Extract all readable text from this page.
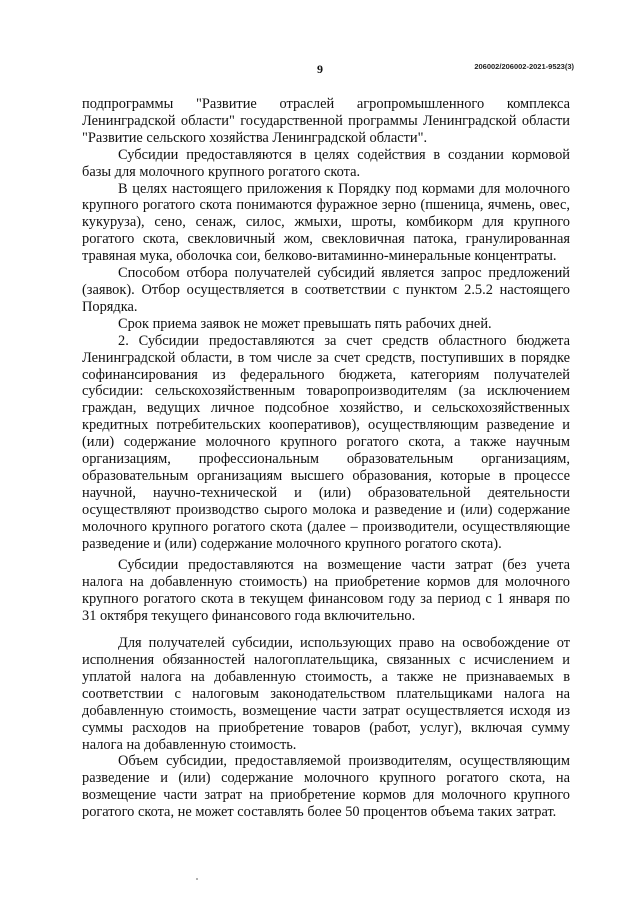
9	206002/206002-2021-9523(3)

подпрограммы "Развитие отраслей агропромышленного комплекса Ленинградской области" государственной программы Ленинградской области "Развитие сельского хозяйства Ленинградской области".

Субсидии предоставляются в целях содействия в создании кормовой базы для молочного крупного рогатого скота.

В целях настоящего приложения к Порядку под кормами для молочного крупного рогатого скота понимаются фуражное зерно (пшеница, ячмень, овес, кукуруза), сено, сенаж, силос, жмыхи, шроты, комбикорм для крупного рогатого скота, свекловичный жом, свекловичная патока, гранулированная травяная мука, оболочка сои, белково-витаминно-минеральные концентраты.

Способом отбора получателей субсидий является запрос предложений (заявок). Отбор осуществляется в соответствии с пунктом 2.5.2 настоящего Порядка.

Срок приема заявок не может превышать пять рабочих дней.

2. Субсидии предоставляются за счет средств областного бюджета Ленинградской области, в том числе за счет средств, поступивших в порядке софинансирования из федерального бюджета, категориям получателей субсидии: сельскохозяйственным товаропроизводителям (за исключением граждан, ведущих личное подсобное хозяйство, и сельскохозяйственных кредитных потребительских кооперативов), осуществляющим разведение и (или) содержание молочного крупного рогатого скота, а также научным организациям, профессиональным образовательным организациям, образовательным организациям высшего образования, которые в процессе научной, научно-технической и (или) образовательной деятельности осуществляют производство сырого молока и разведение и (или) содержание молочного крупного рогатого скота (далее – производители, осуществляющие разведение и (или) содержание молочного крупного рогатого скота).

Субсидии предоставляются на возмещение части затрат (без учета налога на добавленную стоимость) на приобретение кормов для молочного крупного рогатого скота в текущем финансовом году за период с 1 января по 31 октября текущего финансового года включительно.

Для получателей субсидии, использующих право на освобождение от исполнения обязанностей налогоплательщика, связанных с исчислением и уплатой налога на добавленную стоимость, а также не признаваемых в соответствии с налоговым законодательством плательщиками налога на добавленную стоимость, возмещение части затрат осуществляется исходя из суммы расходов на приобретение товаров (работ, услуг), включая сумму налога на добавленную стоимость.

Объем субсидии, предоставляемой производителям, осуществляющим разведение и (или) содержание молочного крупного рогатого скота, на возмещение части затрат на приобретение кормов для молочного крупного рогатого скота, не может составлять более 50 процентов объема таких затрат.
